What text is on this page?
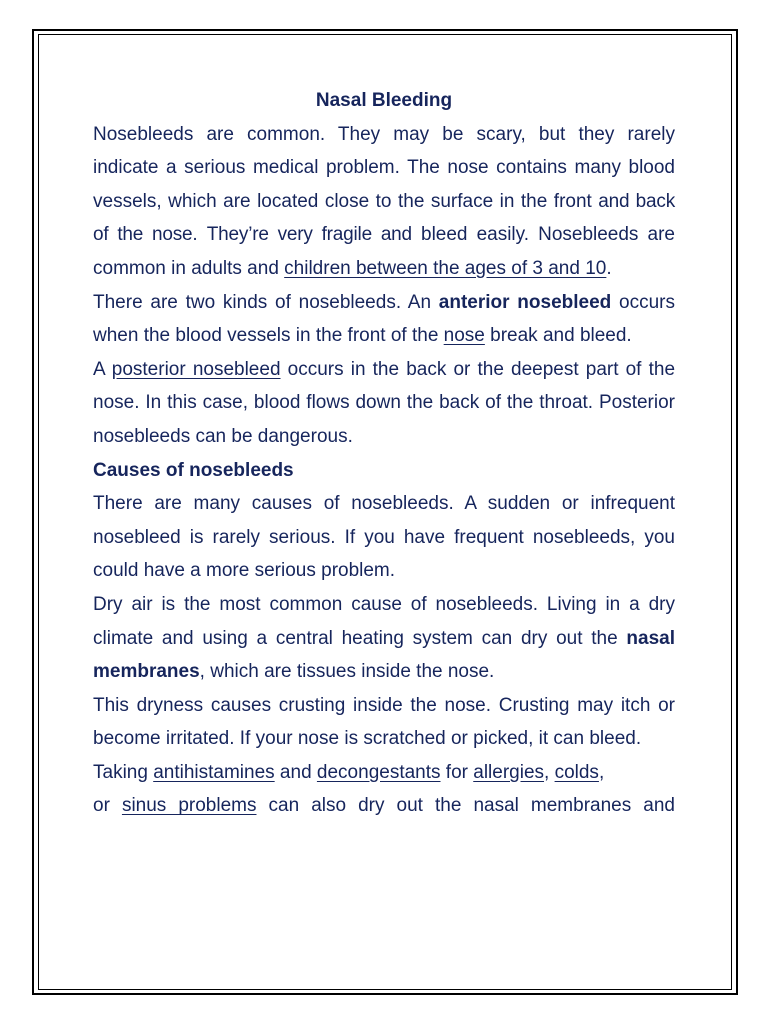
Nasal Bleeding

Nosebleeds are common. They may be scary, but they rarely indicate a serious medical problem. The nose contains many blood vessels, which are located close to the surface in the front and back of the nose. They’re very fragile and bleed easily. Nosebleeds are common in adults and children between the ages of 3 and 10.

There are two kinds of nosebleeds. An anterior nosebleed occurs when the blood vessels in the front of the nose break and bleed.

A posterior nosebleed occurs in the back or the deepest part of the nose. In this case, blood flows down the back of the throat. Posterior nosebleeds can be dangerous.

Causes of nosebleeds

There are many causes of nosebleeds. A sudden or infrequent nosebleed is rarely serious. If you have frequent nosebleeds, you could have a more serious problem.

Dry air is the most common cause of nosebleeds. Living in a dry climate and using a central heating system can dry out the nasal membranes, which are tissues inside the nose.

This dryness causes crusting inside the nose. Crusting may itch or become irritated. If your nose is scratched or picked, it can bleed.

Taking antihistamines and decongestants for allergies, colds,

or sinus problems can also dry out the nasal membranes and
